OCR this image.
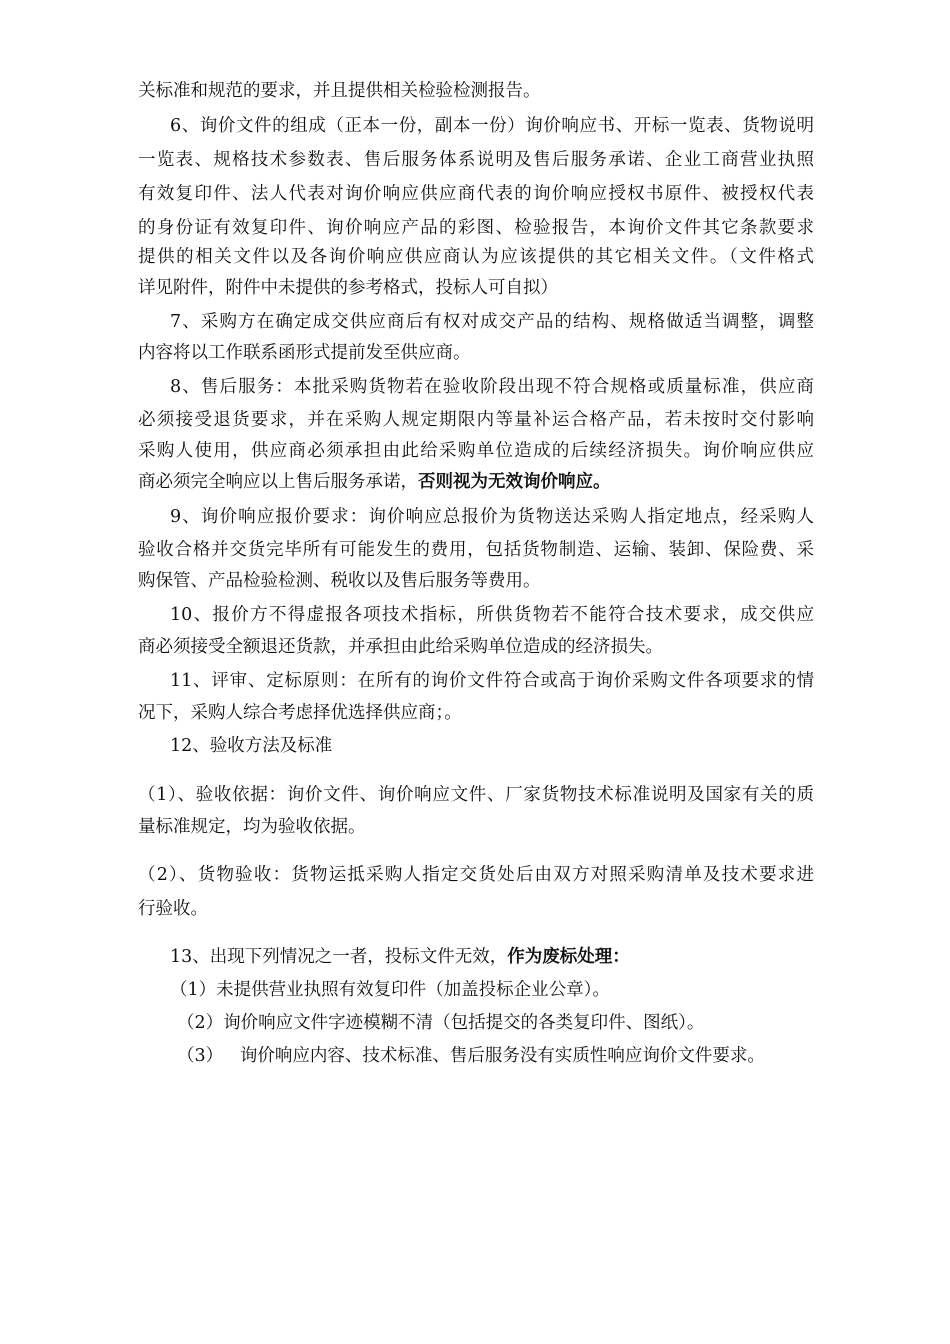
关标准和规范的要求，并且提供相关检验检测报告。
6、询价文件的组成（正本一份，副本一份）询价响应书、开标一览表、货物说明
一览表、规格技术参数表、售后服务体系说明及售后服务承诺、企业工商营业执照
有效复印件、法人代表对询价响应供应商代表的询价响应授权书原件、被授权代表
的身份证有效复印件、询价响应产品的彩图、检验报告，本询价文件其它条款要求
提供的相关文件以及各询价响应供应商认为应该提供的其它相关文件。（文件格式
详见附件，附件中未提供的参考格式，投标人可自拟）
7、采购方在确定成交供应商后有权对成交产品的结构、规格做适当调整，调整
内容将以工作联系函形式提前发至供应商。
8、售后服务：本批采购货物若在验收阶段出现不符合规格或质量标准，供应商
必须接受退货要求，并在采购人规定期限内等量补运合格产品，若未按时交付影响
采购人使用，供应商必须承担由此给采购单位造成的后续经济损失。询价响应供应
商必须完全响应以上售后服务承诺，否则视为无效询价响应。
9、询价响应报价要求：询价响应总报价为货物送达采购人指定地点，经采购人
验收合格并交货完毕所有可能发生的费用，包括货物制造、运输、装卸、保险费、采
购保管、产品检验检测、税收以及售后服务等费用。
10、报价方不得虚报各项技术指标，所供货物若不能符合技术要求，成交供应
商必须接受全额退还货款，并承担由此给采购单位造成的经济损失。
11、评审、定标原则：在所有的询价文件符合或高于询价采购文件各项要求的情
况下，采购人综合考虑择优选择供应商；。
12、验收方法及标准
（1）、验收依据：询价文件、询价响应文件、厂家货物技术标准说明及国家有关的质
量标准规定，均为验收依据。
（2）、货物验收：货物运抵采购人指定交货处后由双方对照采购清单及技术要求进
行验收。
13、出现下列情况之一者，投标文件无效，作为废标处理：
（1）未提供营业执照有效复印件（加盖投标企业公章）。
（2）询价响应文件字迹模糊不清（包括提交的各类复印件、图纸）。
（3）   询价响应内容、技术标准、售后服务没有实质性响应询价文件要求。
